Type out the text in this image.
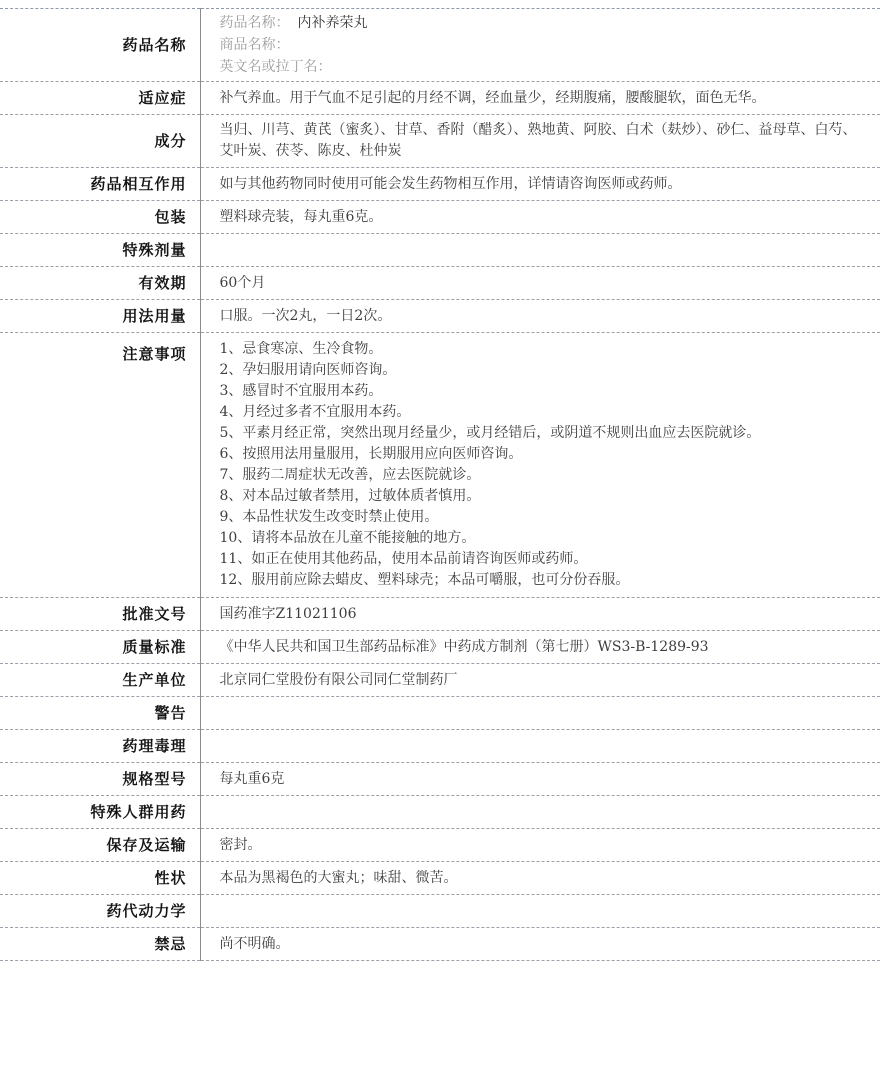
药品名称	药品名称： 内补养荣丸
商品名称：
英文名或拉丁名：

适应症	补气养血。用于气血不足引起的月经不调，经血量少，经期腹痛，腰酸腿软，面色无华。
成分	当归、川芎、黄芪（蜜炙）、甘草、香附（醋炙）、熟地黄、阿胶、白术（麸炒）、砂仁、益母草、白芍、艾叶炭、茯苓、陈皮、杜仲炭
药品相互作用	如与其他药物同时使用可能会发生药物相互作用，详情请咨询医师或药师。
包装	塑料球壳装，每丸重6克。
特殊剂量	
有效期	60个月
用法用量	口服。一次2丸，一日2次。
注意事项	1、忌食寒凉、生冷食物。
2、孕妇服用请向医师咨询。
3、感冒时不宜服用本药。
4、月经过多者不宜服用本药。
5、平素月经正常，突然出现月经量少，或月经错后，或阴道不规则出血应去医院就诊。
6、按照用法用量服用，长期服用应向医师咨询。
7、服药二周症状无改善，应去医院就诊。
8、对本品过敏者禁用，过敏体质者慎用。
9、本品性状发生改变时禁止使用。
10、请将本品放在儿童不能接触的地方。
11、如正在使用其他药品，使用本品前请咨询医师或药师。
12、服用前应除去蜡皮、塑料球壳；本品可嚼服，也可分份吞服。

批准文号	国药准字Z11021106
质量标准	《中华人民共和国卫生部药品标准》中药成方制剂（第七册）WS3-B-1289-93
生产单位	北京同仁堂股份有限公司同仁堂制药厂
警告	
药理毒理	
规格型号	每丸重6克
特殊人群用药	
保存及运输	密封。
性状	本品为黑褐色的大蜜丸；味甜、微苦。
药代动力学	
禁忌	尚不明确。
